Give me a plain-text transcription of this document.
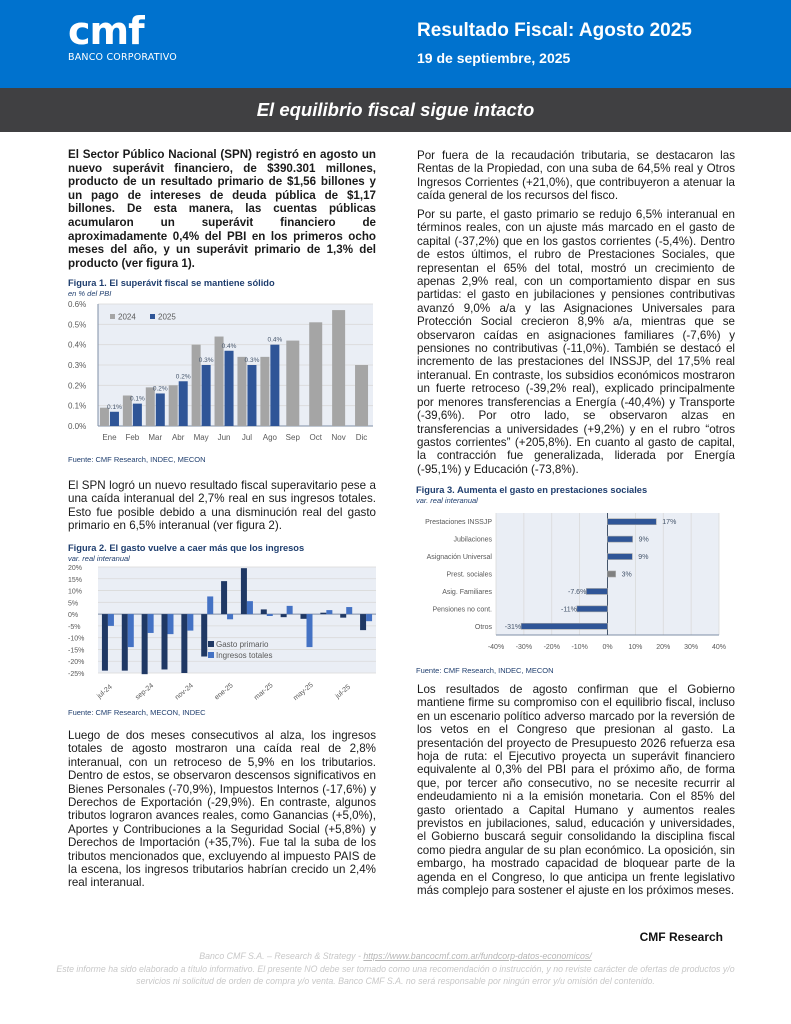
cmf
BANCO CORPORATIVO
Resultado Fiscal: Agosto 2025
19 de septiembre, 2025
El equilibrio fiscal sigue intacto

El Sector Público Nacional (SPN) registró en agosto un nuevo superávit financiero, de $390.301 millones, producto de un resultado primario de $1,56 billones y un pago de intereses de deuda pública de $1,17 billones. De esta manera, las cuentas públicas acumularon un superávit financiero de aproximadamente 0,4% del PBI en los primeros ocho meses del año, y un superávit primario de 1,3% del producto (ver figura 1).

El SPN logró un nuevo resultado fiscal superavitario pese a una caída interanual del 2,7% real en sus ingresos totales. Esto fue posible debido a una disminución real del gasto primario en 6,5% interanual (ver figura 2).

Luego de dos meses consecutivos al alza, los ingresos totales de agosto mostraron una caída real de 2,8% interanual, con un retroceso de 5,9% en los tributarios. Dentro de estos, se observaron descensos significativos en Bienes Personales (-70,9%), Impuestos Internos (-17,6%) y Derechos de Exportación (-29,9%). En contraste, algunos tributos lograron avances reales, como Ganancias (+5,0%), Aportes y Contribuciones a la Seguridad Social (+5,8%) y Derechos de Importación (+35,7%). Fue tal la suba de los tributos mencionados que, excluyendo al impuesto PAIS de la escena, los ingresos tributarios habrían crecido un 2,4% real interanual.

Por fuera de la recaudación tributaria, se destacaron las Rentas de la Propiedad, con una suba de 64,5% real y Otros Ingresos Corrientes (+21,0%), que contribuyeron a atenuar la caída general de los recursos del fisco.

Por su parte, el gasto primario se redujo 6,5% interanual en términos reales, con un ajuste más marcado en el gasto de capital (-37,2%) que en los gastos corrientes (-5,4%). Dentro de estos últimos, el rubro de Prestaciones Sociales, que representan el 65% del total, mostró un crecimiento de apenas 2,9% real, con un comportamiento dispar en sus partidas: el gasto en jubilaciones y pensiones contributivas avanzó 9,0% a/a y las Asignaciones Universales para Protección Social crecieron 8,9% a/a, mientras que se observaron caídas en asignaciones familiares (-7,6%) y pensiones no contributivas (-11,0%). También se destacó el incremento de las prestaciones del INSSJP, del 17,5% real interanual. En contraste, los subsidios económicos mostraron un fuerte retroceso (-39,2% real), explicado principalmente por menores transferencias a Energía (-40,4%) y Transporte (-39,6%). Por otro lado, se observaron alzas en transferencias a universidades (+9,2%) y en el rubro “otros gastos corrientes” (+205,8%). En cuanto al gasto de capital, la contracción fue generalizada, liderada por Energía (-95,1%) y Educación (-73,8%).

Los resultados de agosto confirman que el Gobierno mantiene firme su compromiso con el equilibrio fiscal, incluso en un escenario político adverso marcado por la reversión de los vetos en el Congreso que presionan al gasto. La presentación del proyecto de Presupuesto 2026 refuerza esa hoja de ruta: el Ejecutivo proyecta un superávit financiero equivalente al 0,3% del PBI para el próximo año, de forma que, por tercer año consecutivo, no se necesite recurrir al endeudamiento ni a la emisión monetaria. Con el 85% del gasto orientado a Capital Humano y aumentos reales previstos en jubilaciones, salud, educación y universidades, el Gobierno buscará seguir consolidando la disciplina fiscal como piedra angular de su plan económico. La oposición, sin embargo, ha mostrado capacidad de bloquear parte de la agenda en el Congreso, lo que anticipa un frente legislativo más complejo para sostener el ajuste en los próximos meses.

Figura 1. El superávit fiscal se mantiene sólido
en % del PBI
0.0%
0.1%
0.2%
0.3%
0.4%
0.5%
0.6%
Ene
0.1%
Feb
0.1%
Mar
0.2%
Abr
0.2%
May
0.3%
Jun
0.4%
Jul
0.3%
Ago
0.4%
Sep Oct Nov Dic
2024	2025
Fuente: CMF Research, INDEC, MECON
Figura 2. El gasto vuelve a caer más que los ingresos
var. real interanual
20%
15%
10%
5%
0%
-5%
-10%
-15%
-20%
-25%
jul-24	sep-24	nov-24	ene-25	mar-25	may-25	jul-25
Gasto primario
Ingresos totales
Fuente: CMF Research, MECON, INDEC
Figura 3. Aumenta el gasto en prestaciones sociales
var. real interanual
-40% -30% -20% -10% 0% 10% 20% 30% 40%
Prestaciones INSSJP	17%
Jubilaciones	9%
Asignación Universal	9%
Prest. sociales	3%
Asig. Familiares	-7.6%
Pensiones no cont.	-11%
Otros -31%
Fuente: CMF Research, INDEC, MECON
CMF Research
Banco CMF S.A. – Research & Strategy - https://www.bancocmf.com.ar/fundcorp-datos-economicos/
Este informe ha sido elaborado a título informativo. El presente NO debe ser tomado como una recomendación o instrucción, y no reviste carácter de ofertas de productos y/o servicios ni solicitud de orden de compra y/o venta. Banco CMF S.A. no será responsable por ningún error y/u omisión del contenido.
